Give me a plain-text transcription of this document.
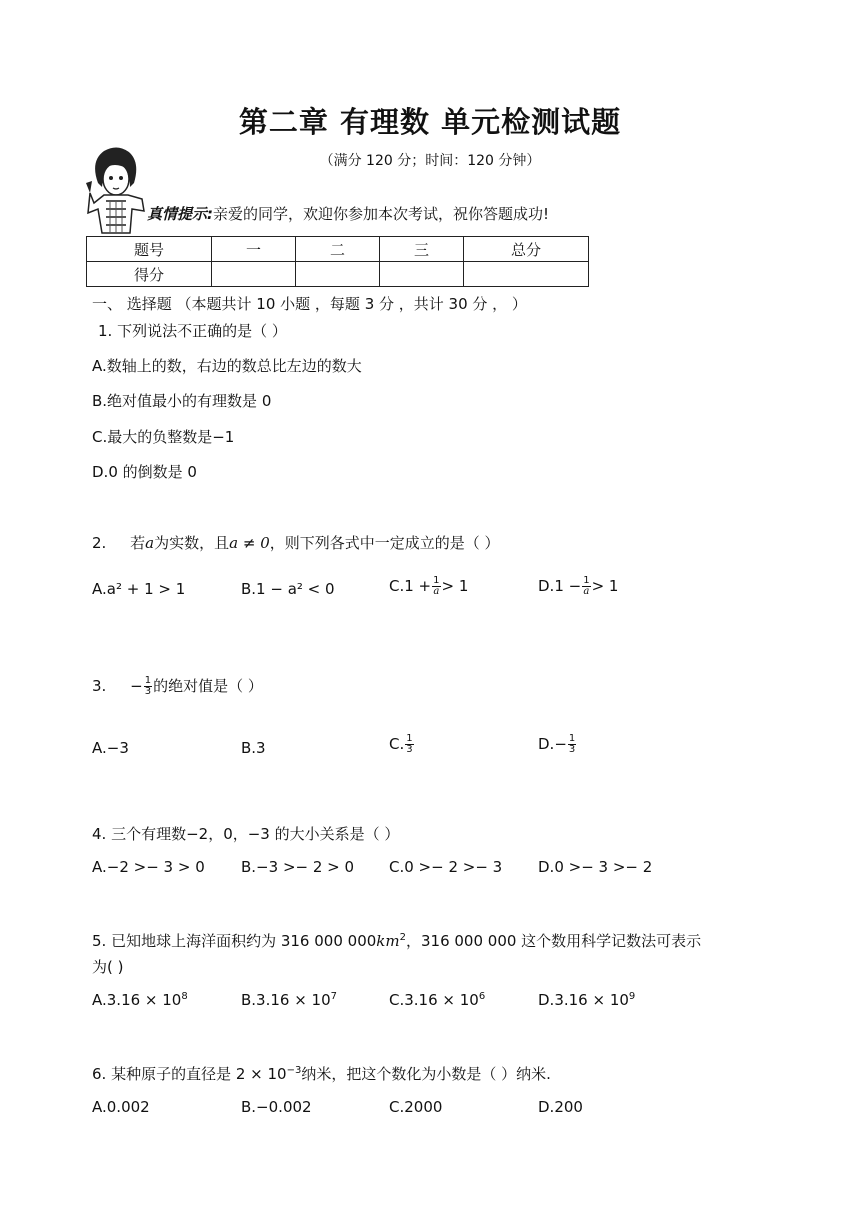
第二章 有理数 单元检测试题
（满分 120 分；时间：120 分钟）
真情提示:亲爱的同学，欢迎你参加本次考试，祝你答题成功!
题号	一	二	三	总分
得分				
一、 选择题 （本题共计 10 小题 ，每题 3 分 ，共计 30 分 ， ）
1. 下列说法不正确的是（ ）
A.数轴上的数，右边的数总比左边的数大
B.绝对值最小的有理数是 0
C.最大的负整数是−1
D.0 的倒数是 0
2. 若a为实数，且a ≠ 0，则下列各式中一定成立的是（ ）
A.a² + 1 > 1	B.1 − a² < 0	$C.1 + \frac{1}{a} > 1$	$D.1 - \frac{1}{a} > 1$
3. − $\frac{1}{3}$ 的绝对值是（ ）
A.−3	B.3	C. $\frac{1}{3}$	$D.- \frac{1}{3}$
4. 三个有理数−2，0，−3 的大小关系是（ ）
A.−2 >− 3 > 0 B.−3 >− 2 > 0 C.0 >− 2 >− 3 D.0 >− 3 >− 2
5. 已知地球上海洋面积约为 316 000 $000km^2$，316 000 000 这个数用科学记数法可表示
为( )
$A.3.16 \times 10^8$	$B.3.16 \times 10^7$	$C.3.16 \times 10^6$	$D.3.16 \times 10^9$
6. 某种原子的直径是 $2 \times 10^{-3}$纳米，把这个数化为小数是（ ）纳米.
A.0.002	B.−0.002	C.2000	D.200
